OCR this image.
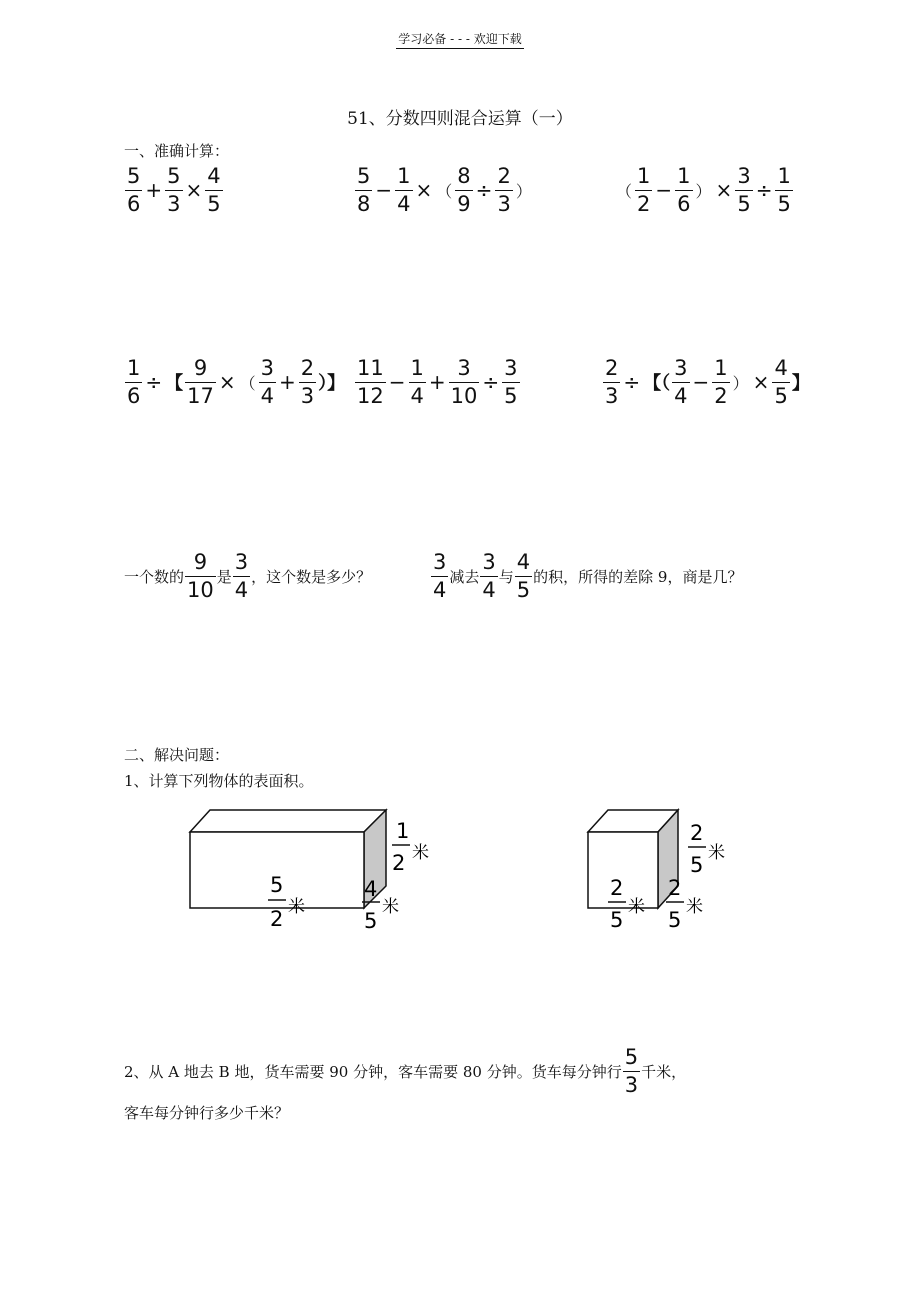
学习必备 - - - 欢迎下载
51、分数四则混合运算（一）
一、准确计算：
$\frac{5}{6} + \frac{5}{3} \times \frac{4}{5}$	$\frac{5}{8} - \frac{1}{4}$ × （ $\frac{8}{9} \div \frac{2}{3}$ ）	（ $\frac{1}{2} - \frac{1}{6}$ ） × $\frac{3}{5} \div \frac{1}{5}$
$\frac{1}{6}$ ÷ 【 $\frac{9}{17}$ × （ $\frac{3}{4} + \frac{2}{3}$ ）】 $\frac{11}{12} - \frac{1}{4} + \frac{3}{10} \div \frac{3}{5}$	$\frac{2}{3}$ ÷ 【（ $\frac{3}{4} - \frac{1}{2}$ ） × $\frac{4}{5}$ 】
一个数的 $\frac{9}{10}$ 是 $\frac{3}{4}$ ，这个数是多少？	$\frac{3}{4}$ 减去 $\frac{3}{4}$ 与 $\frac{4}{5}$ 的积，所得的差除 9，商是几？
二、解决问题：
1、计算下列物体的表面积。
1
2 米
5
2 米
4
5
米
2
5 米
2
5
米
2
5
米
2、从 A 地去 B 地，货车需要 90 分钟，客车需要 80 分钟。货车每分钟行 $\frac{5}{3}$ 千米，
客车每分钟行多少千米？
